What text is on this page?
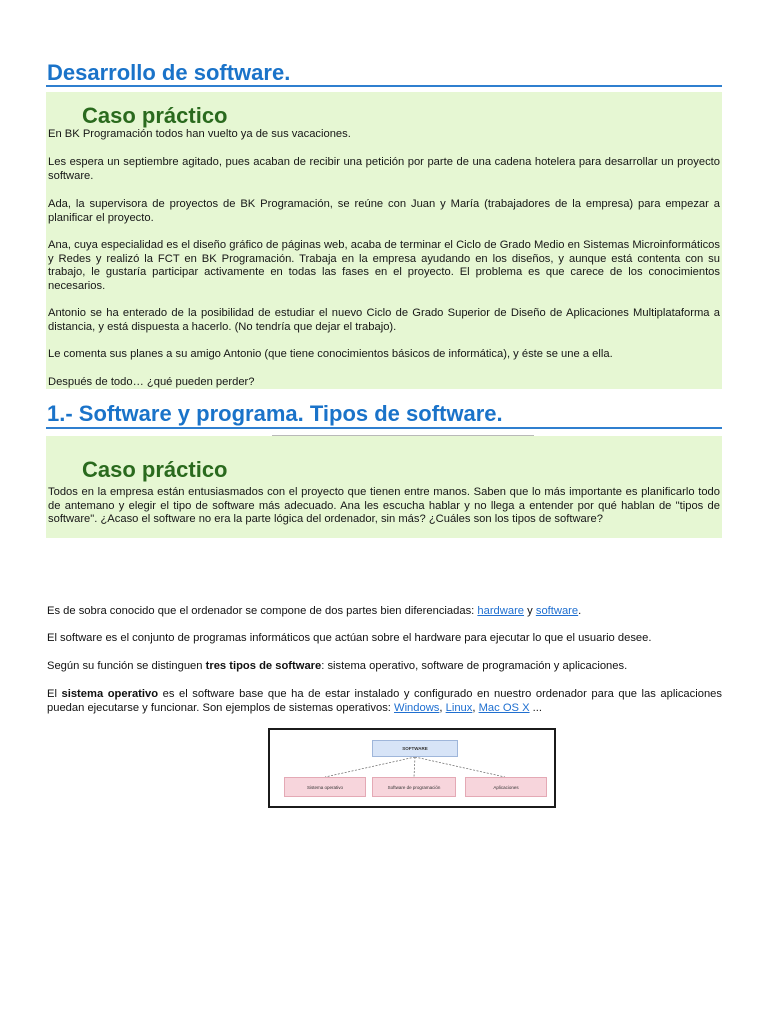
Desarrollo de software.
Caso práctico

En BK Programación todos han vuelto ya de sus vacaciones.

Les espera un septiembre agitado, pues acaban de recibir una petición por parte de una cadena hotelera para desarrollar un proyecto software.

Ada, la supervisora de proyectos de BK Programación, se reúne con Juan y María (trabajadores de la empresa) para empezar a planificar el proyecto.

Ana, cuya especialidad es el diseño gráfico de páginas web, acaba de terminar el Ciclo de Grado Medio en Sistemas Microinformáticos y Redes y realizó la FCT en BK Programación. Trabaja en la empresa ayudando en los diseños, y aunque está contenta con su trabajo, le gustaría participar activamente en todas las fases en el proyecto. El problema es que carece de los conocimientos necesarios.

Antonio se ha enterado de la posibilidad de estudiar el nuevo Ciclo de Grado Superior de Diseño de Aplicaciones Multiplataforma a distancia, y está dispuesta a hacerlo. (No tendría que dejar el trabajo).

Le comenta sus planes a su amigo Antonio (que tiene conocimientos básicos de informática), y éste se une a ella.

Después de todo… ¿qué pueden perder?

1.- Software y programa. Tipos de software.
Caso práctico

Todos en la empresa están entusiasmados con el proyecto que tienen entre manos. Saben que lo más importante es planificarlo todo de antemano y elegir el tipo de software más adecuado. Ana les escucha hablar y no llega a entender por qué hablan de "tipos de software". ¿Acaso el software no era la parte lógica del ordenador, sin más? ¿Cuáles son los tipos de software?

Es de sobra conocido que el ordenador se compone de dos partes bien diferenciadas: hardware y software.

El software es el conjunto de programas informáticos que actúan sobre el hardware para ejecutar lo que el usuario desee.

Según su función se distinguen tres tipos de software: sistema operativo, software de programación y aplicaciones.

El sistema operativo es el software base que ha de estar instalado y configurado en nuestro ordenador para que las aplicaciones puedan ejecutarse y funcionar. Son ejemplos de sistemas operativos: Windows, Linux, Mac OS X ...

SOFTWARE
Sistema operativo	Software de programación	Aplicaciones
